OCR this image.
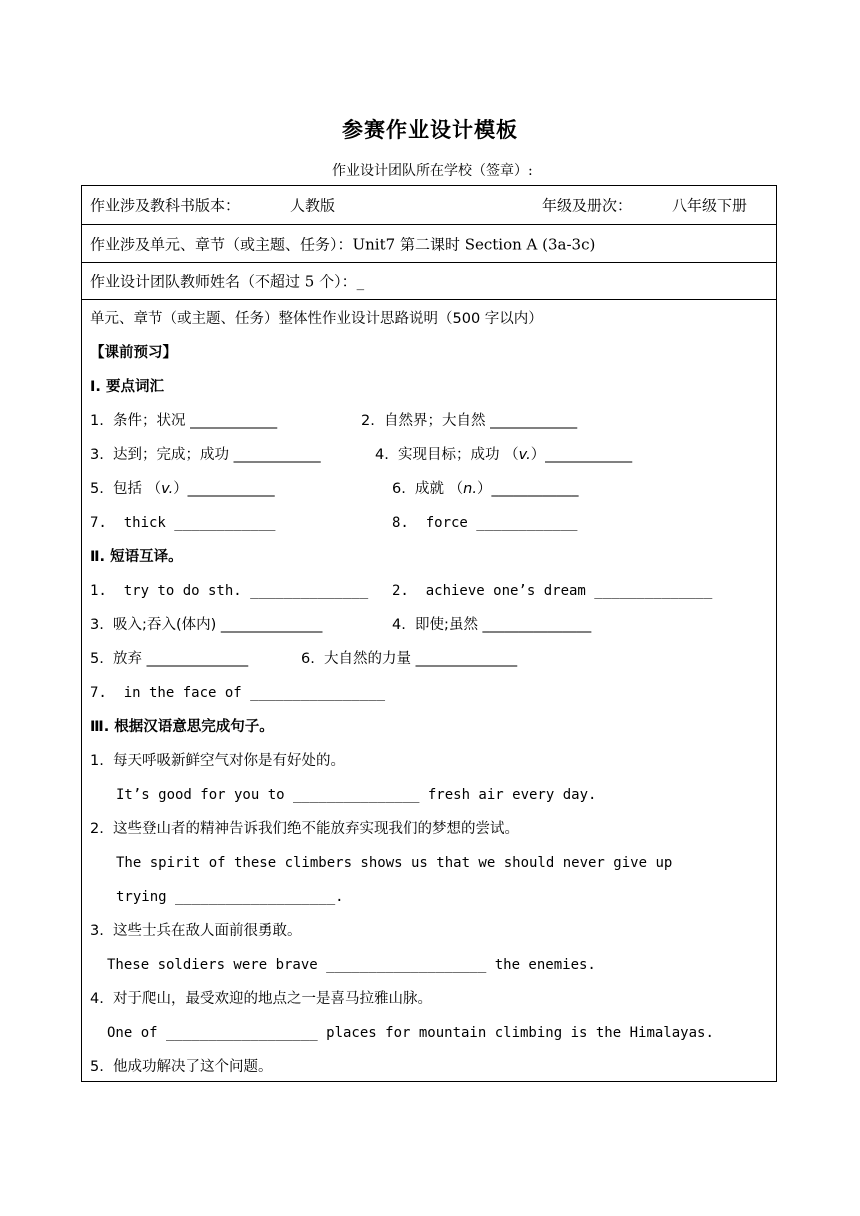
参赛作业设计模板
作业设计团队所在学校（签章）:
作业涉及教科书版本：	人教版	年级及册次：	八年级下册
作业涉及单元、章节（或主题、任务）：Unit7 第二课时 Section A (3a-3c)
作业设计团队教师姓名（不超过 5 个）：_
单元、章节（或主题、任务）整体性作业设计思路说明（500 字以内）
【课前预习】
Ⅰ. 要点词汇
1.  条件；状况 ____________	2.  自然界；大自然 ____________
3.  达到；完成；成功 ____________	4.  实现目标；成功 （v.）____________
5.  包括 （v.）____________	6.  成就 （n.）____________
7.  thick ____________	8.  force ____________
Ⅱ. 短语互译。
1.  try to do sth. ______________ 2.  achieve one’s dream ______________
3.  吸入;吞入(体内) ______________	4.  即使;虽然 _______________
5.  放弃 ______________	6.  大自然的力量 ______________
7.  in the face of ________________
Ⅲ. 根据汉语意思完成句子。
1.  每天呼吸新鲜空气对你是有好处的。
It’s good for you to _______________ fresh air every day.
2.  这些登山者的精神告诉我们绝不能放弃实现我们的梦想的尝试。
The spirit of these climbers shows us that we should never give up
trying ___________________.
3.  这些士兵在敌人面前很勇敢。
These soldiers were brave ___________________ the enemies.
4.  对于爬山，最受欢迎的地点之一是喜马拉雅山脉。
One of __________________ places for mountain climbing is the Himalayas.
5.  他成功解决了这个问题。
